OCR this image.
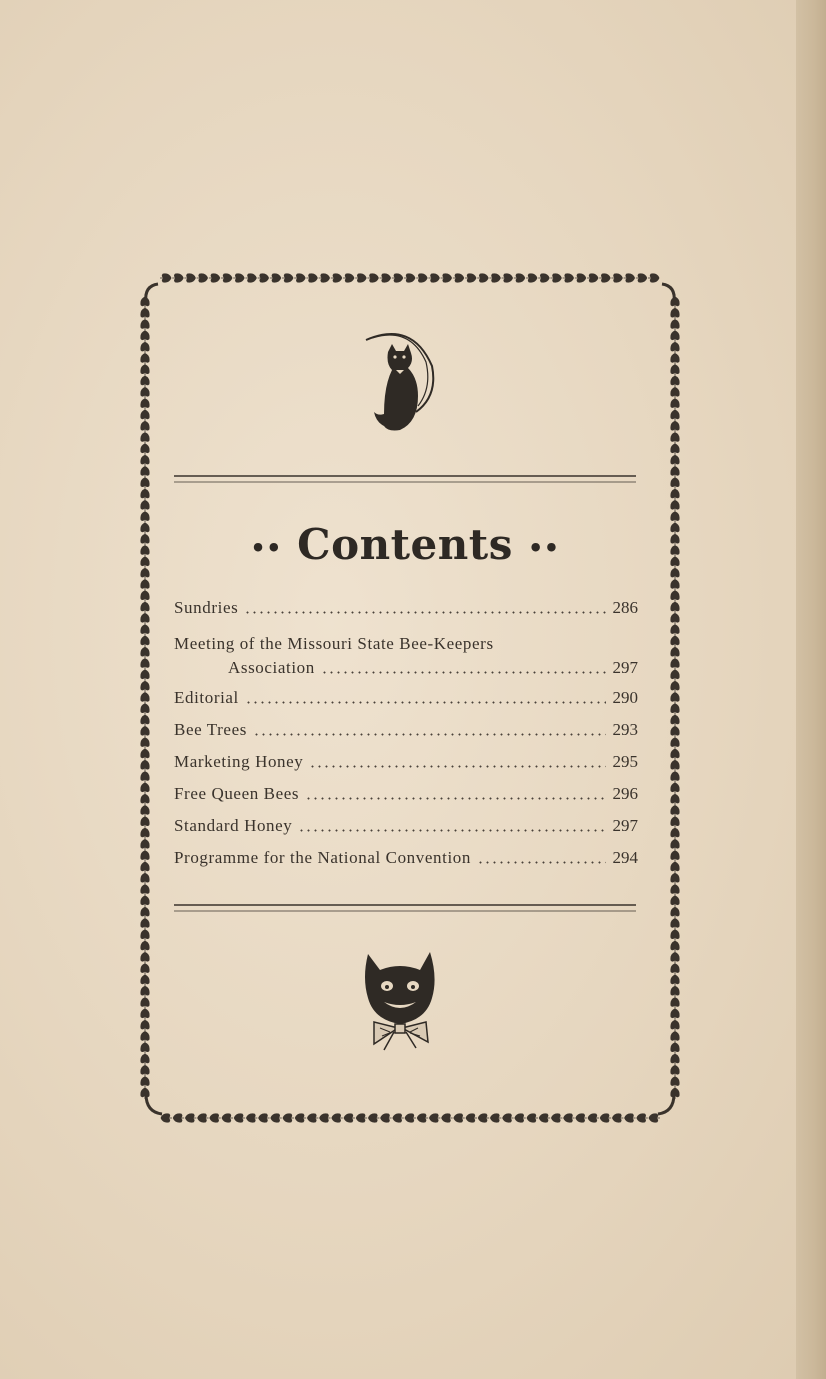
•• Contents ••
Sundries	286
Meeting of the Missouri State Bee-Keepers
Association	297
Editorial	290
Bee Trees	293
Marketing Honey	295
Free Queen Bees	296
Standard Honey	297
Programme for the National Convention	294
